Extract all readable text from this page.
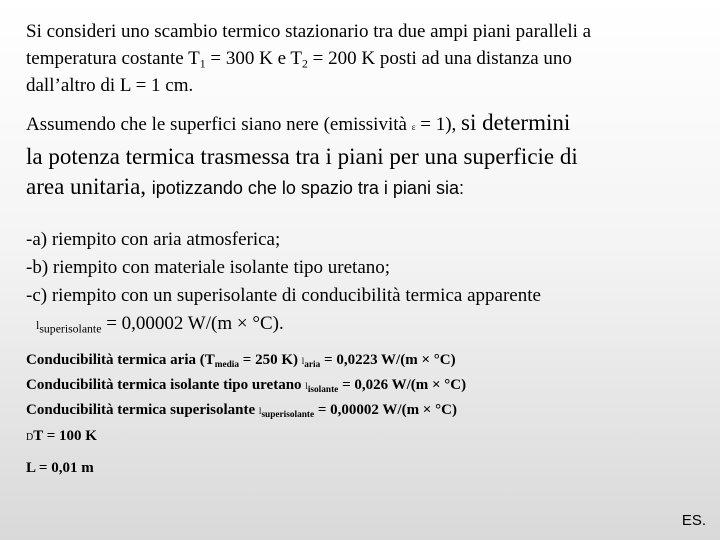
Si consideri uno scambio termico stazionario tra due ampi piani paralleli a
temperatura costante $T_1 = 300$ K e $T_2 = 200$ K posti ad una distanza uno
dall’altro di L = 1 cm.
Assumendo che le superfici siano nere (emissività ε = 1), si determini
la potenza termica trasmessa tra i piani per una superficie di
area unitaria, ipotizzando che lo spazio tra i piani sia:
-a) riempito con aria atmosferica;
-b) riempito con materiale isolante tipo uretano;
-c) riempito con un superisolante di conducibilità termica apparente
$l_{superisolante} = 0,00002$ W/(m × °C).
Conducibilità termica aria ($T_{media} = 250$ K) $l_{aria} = 0,0223$ W/(m × °C)
Conducibilità termica isolante tipo uretano $l_{isolante} = 0,026$ W/(m × °C)
Conducibilità termica superisolante $l_{superisolante} = 0,00002$ W/(m × °C)
DT = 100 K
L = 0,01 m
ES.
